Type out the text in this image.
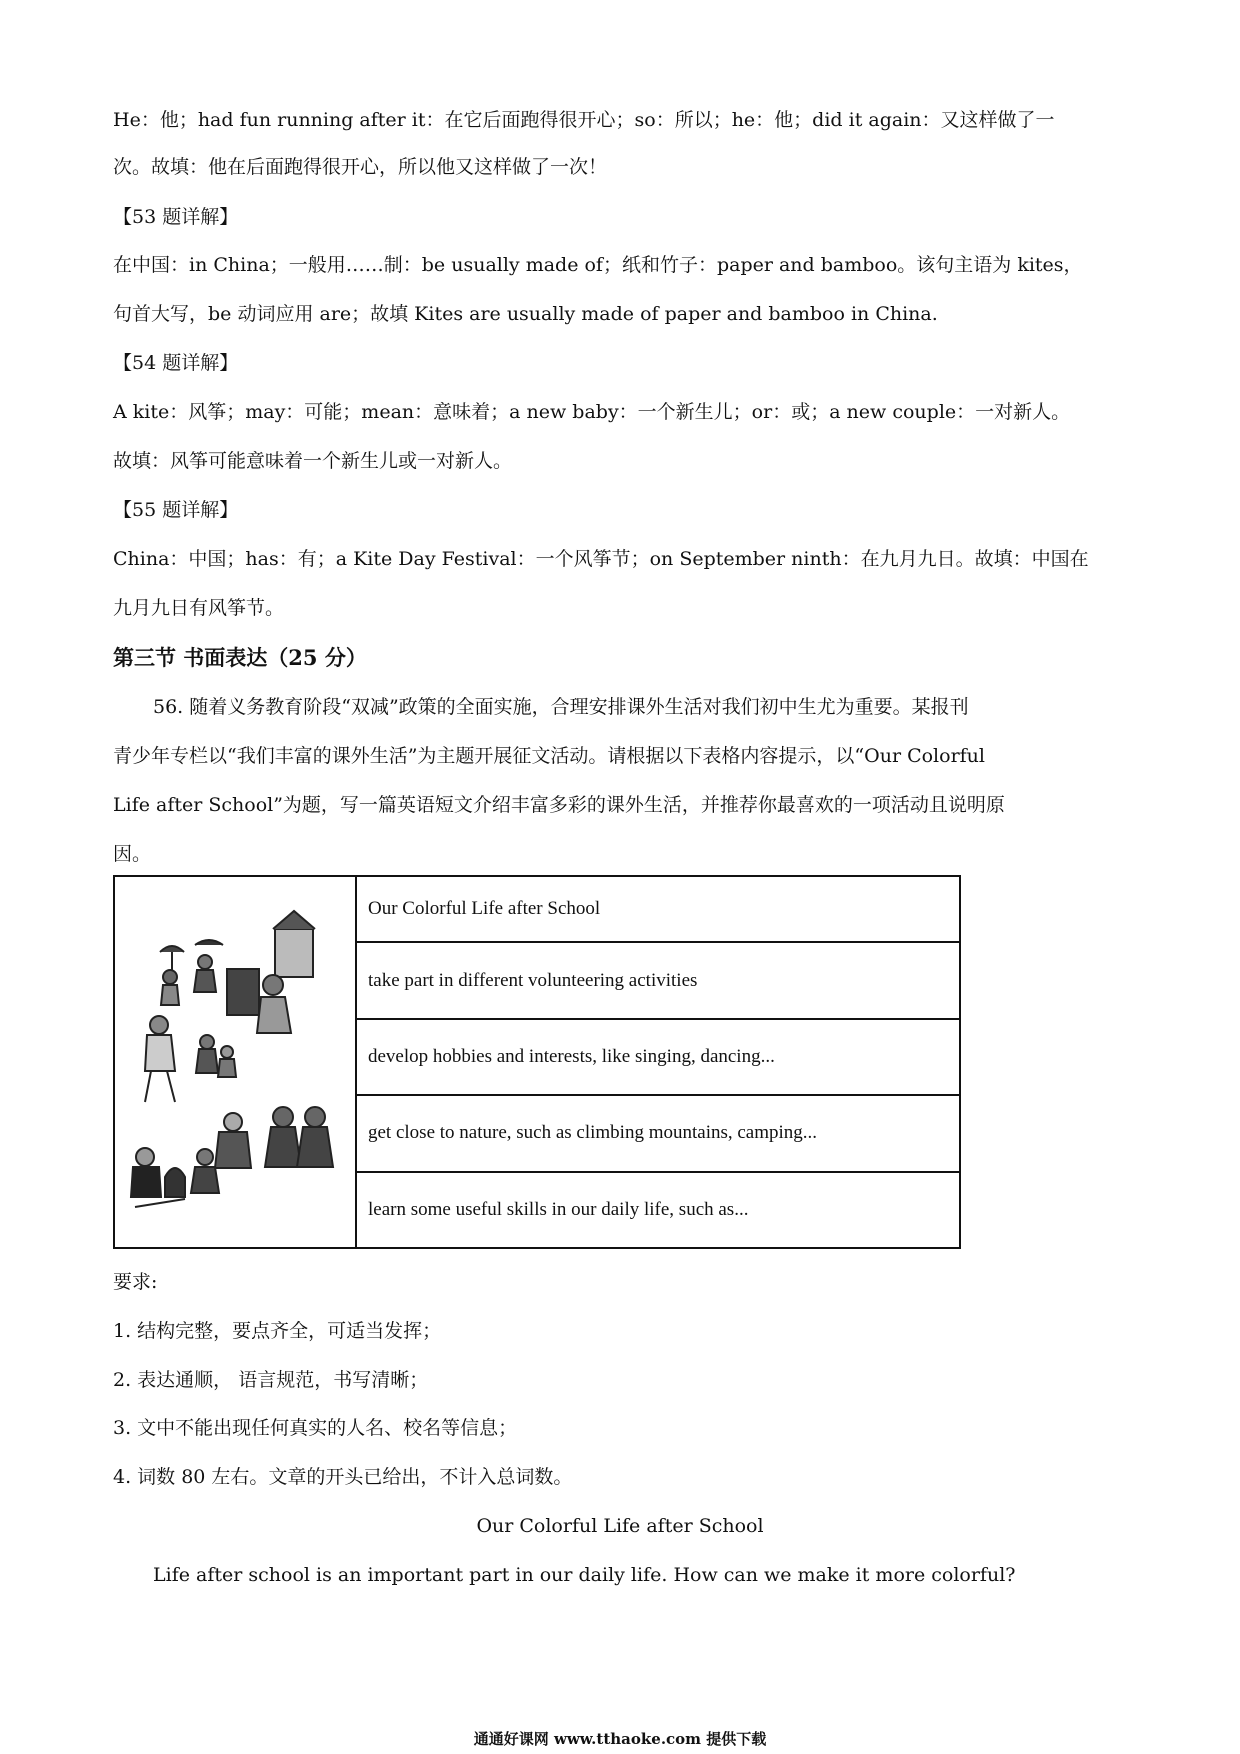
He：他；had fun running after it：在它后面跑得很开心；so：所以；he：他；did it again：又这样做了一
次。故填：他在后面跑得很开心，所以他又这样做了一次！
【53 题详解】
在中国：in China；一般用……制：be usually made of；纸和竹子：paper and bamboo。该句主语为 kites，
句首大写，be 动词应用 are；故填 Kites are usually made of paper and bamboo in China.
【54 题详解】
A kite：风筝；may：可能；mean：意味着；a new baby：一个新生儿；or：或；a new couple：一对新人。
故填：风筝可能意味着一个新生儿或一对新人。
【55 题详解】
China：中国；has：有；a Kite Day Festival：一个风筝节；on September ninth：在九月九日。故填：中国在
九月九日有风筝节。
第三节 书面表达（25 分）
56. 随着义务教育阶段“双减”政策的全面实施，合理安排课外生活对我们初中生尤为重要。某报刊
青少年专栏以“我们丰富的课外生活”为主题开展征文活动。请根据以下表格内容提示，以“Our Colorful
Life after School”为题，写一篇英语短文介绍丰富多彩的课外生活，并推荐你最喜欢的一项活动且说明原
因。
	Our Colorful Life after School
take part in different volunteering activities
develop hobbies and interests, like singing, dancing...
get close to nature, such as climbing mountains, camping...
learn some useful skills in our daily life, such as...
要求:
1. 结构完整，要点齐全，可适当发挥；
2. 表达通顺， 语言规范，书写清晰；
3. 文中不能出现任何真实的人名、校名等信息；
4. 词数 80 左右。文章的开头已给出，不计入总词数。
Our Colorful Life after School
Life after school is an important part in our daily life. How can we make it more colorful?
通通好课网 www.tthaoke.com 提供下载
